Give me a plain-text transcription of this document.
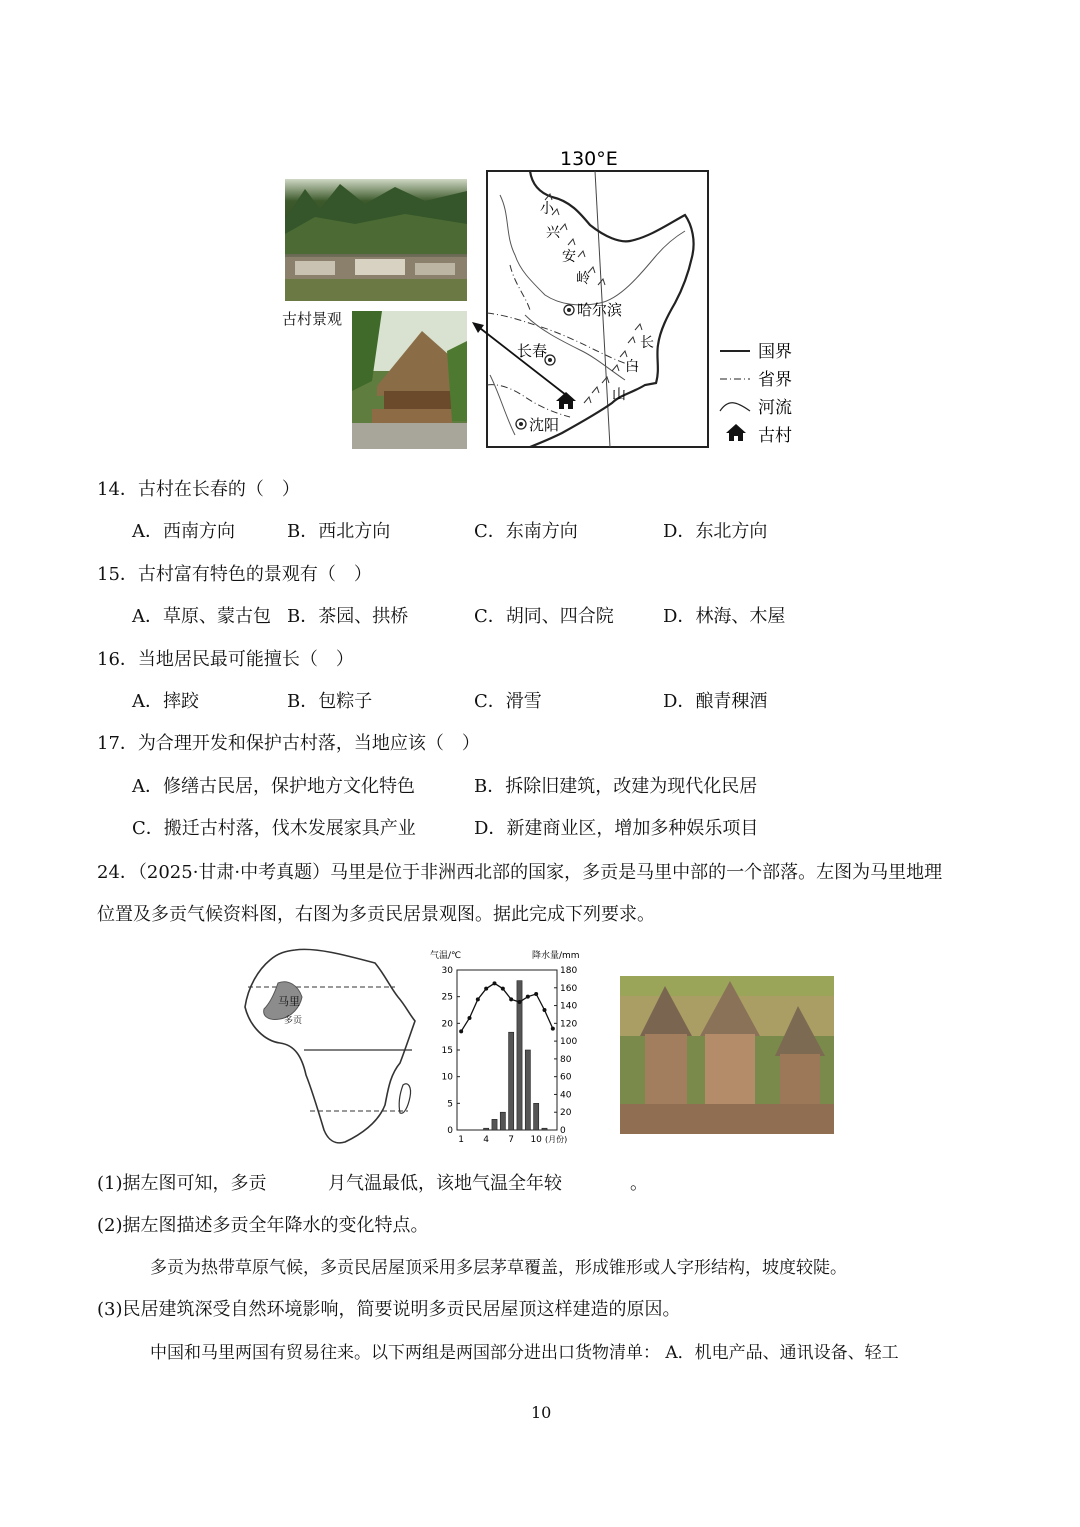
古村景观
130°E
小
兴
安
岭
长
白
山
哈尔滨
长春
沈阳
国界
省界
河流
古村
14．古村在长春的（　）
A．西南方向	B．西北方向	C．东南方向	D．东北方向
15．古村富有特色的景观有（　）
A．草原、蒙古包 B．茶园、拱桥	C．胡同、四合院	D．林海、木屋
16．当地居民最可能擅长（　）
A．摔跤	B．包粽子	C．滑雪	D．酿青稞酒
17．为合理开发和保护古村落，当地应该（　）
A．修缮古民居，保护地方文化特色	B．拆除旧建筑，改建为现代化民居
C．搬迁古村落，伐木发展家具产业	D．新建商业区，增加多种娱乐项目
24．（2025·甘肃·中考真题）马里是位于非洲西北部的国家，多贡是马里中部的一个部落。左图为马里地理
位置及多贡气候资料图，右图为多贡民居景观图。据此完成下列要求。
马里
多贡
气温/℃	降水量/mm
0
5
10
15
20
25
30
0
20
40
60
80
100
120
140
160
180
1 4 7 10 (月份)
(1)据左图可知，多贡	月气温最低，该地气温全年较	。
(2)据左图描述多贡全年降水的变化特点。
多贡为热带草原气候，多贡民居屋顶采用多层茅草覆盖，形成锥形或人字形结构，坡度较陡。
(3)民居建筑深受自然环境影响，简要说明多贡民居屋顶这样建造的原因。
中国和马里两国有贸易往来。以下两组是两国部分进出口货物清单： A．机电产品、通讯设备、轻工
10
